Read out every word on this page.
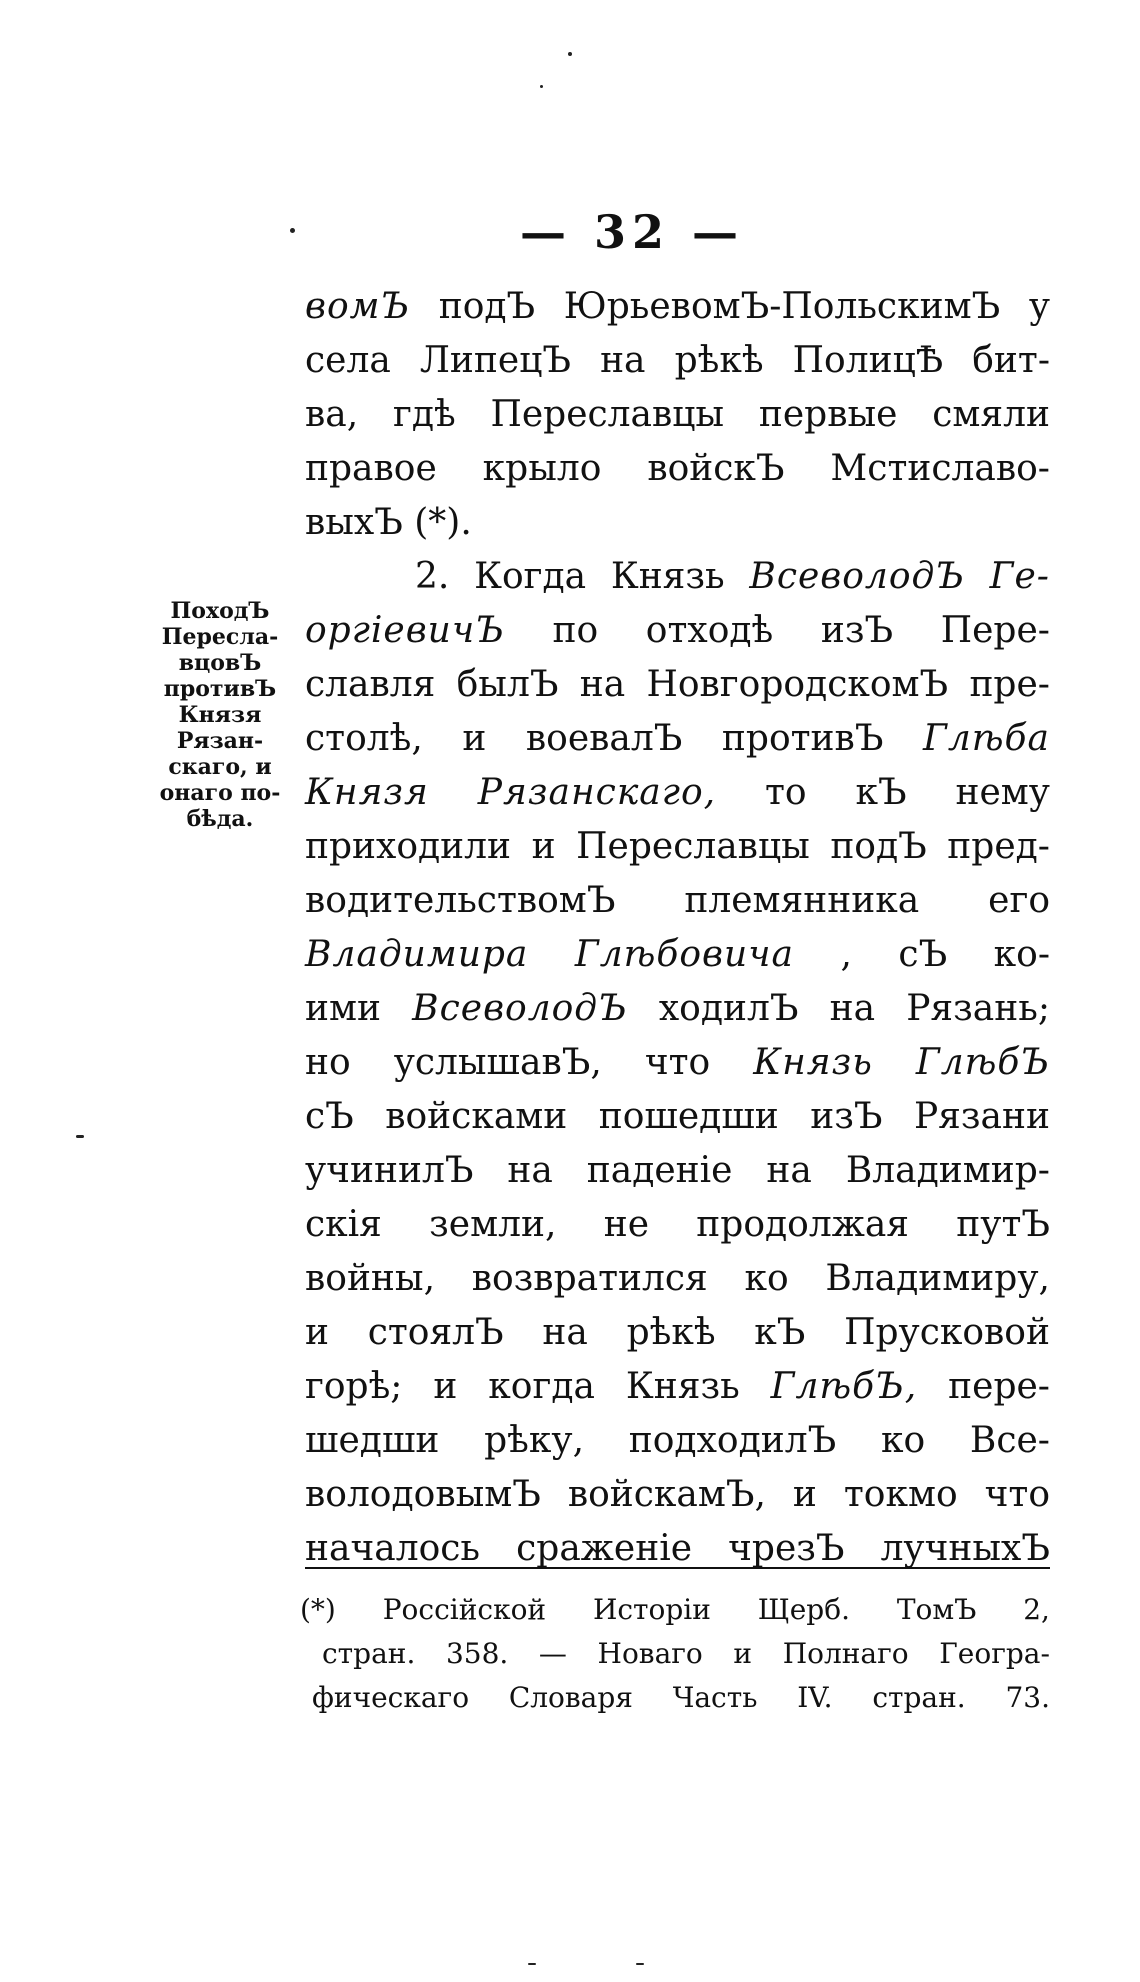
— 32 —
вомЪ подЪ ЮрьевомЪ-ПольскимЪ у
села ЛипецЪ на рѣкѣ ПолицѢ бит-
ва, гдѣ Переславцы первые смяли
правое крыло войскЪ Мстиславо-
выхЪ (*).
2. Когда Князь ВсеволодЪ Ге-
оргіевичЪ по отходѣ изЪ Пере-
славля былЪ на НовгородскомЪ пре-
столѣ, и воевалЪ противЪ Глѣба
Князя Рязанскаго, то кЪ нему
приходили и Переславцы подЪ пред-
водительствомЪ племянника его
Владимира Глѣбовича , сЪ ко-
ими ВсеволодЪ ходилЪ на Рязань;
но услышавЪ, что Князь ГлѣбЪ
сЪ войсками пошедши изЪ Рязани
учинилЪ на паденіе на Владимир-
скія земли, не продолжая путЪ
войны, возвратился ко Владимиру,
и стоялЪ на рѣкѣ кЪ Прусковой
горѣ; и когда Князь ГлѣбЪ, пере-
шедши рѣку, подходилЪ ко Все-
володовымЪ войскамЪ, и токмо что
началось сраженіе чрезЪ лучныхЪ
ПоходЪ
Пересла-
вцовЪ
противЪ
Князя
Рязан-
скаго, и
онаго по-
бѣда.
(*) Россійской Исторіи Щерб. ТомЪ 2,
стран. 358. — Новаго и Полнаго Геогра-
фическаго Словаря Часть IV. стран. 73.
